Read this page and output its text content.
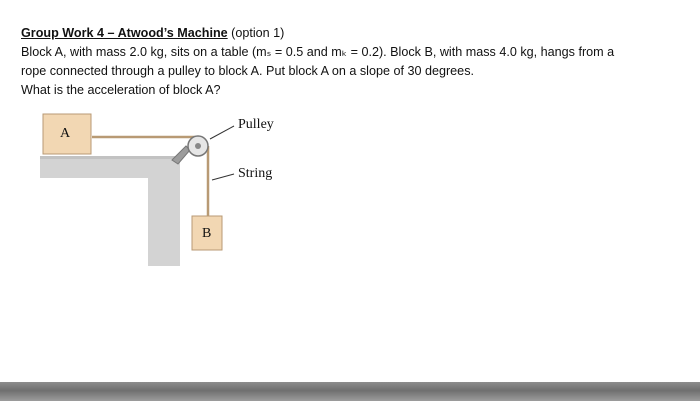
Group Work 4 – Atwood’s Machine (option 1)
Block A, with mass 2.0 kg, sits on a table (mₛ = 0.5 and mₖ = 0.2). Block B, with mass 4.0 kg, hangs from a
rope connected through a pulley to block A. Put block A on a slope of 30 degrees.
What is the acceleration of block A?
A
B
Pulley
String
